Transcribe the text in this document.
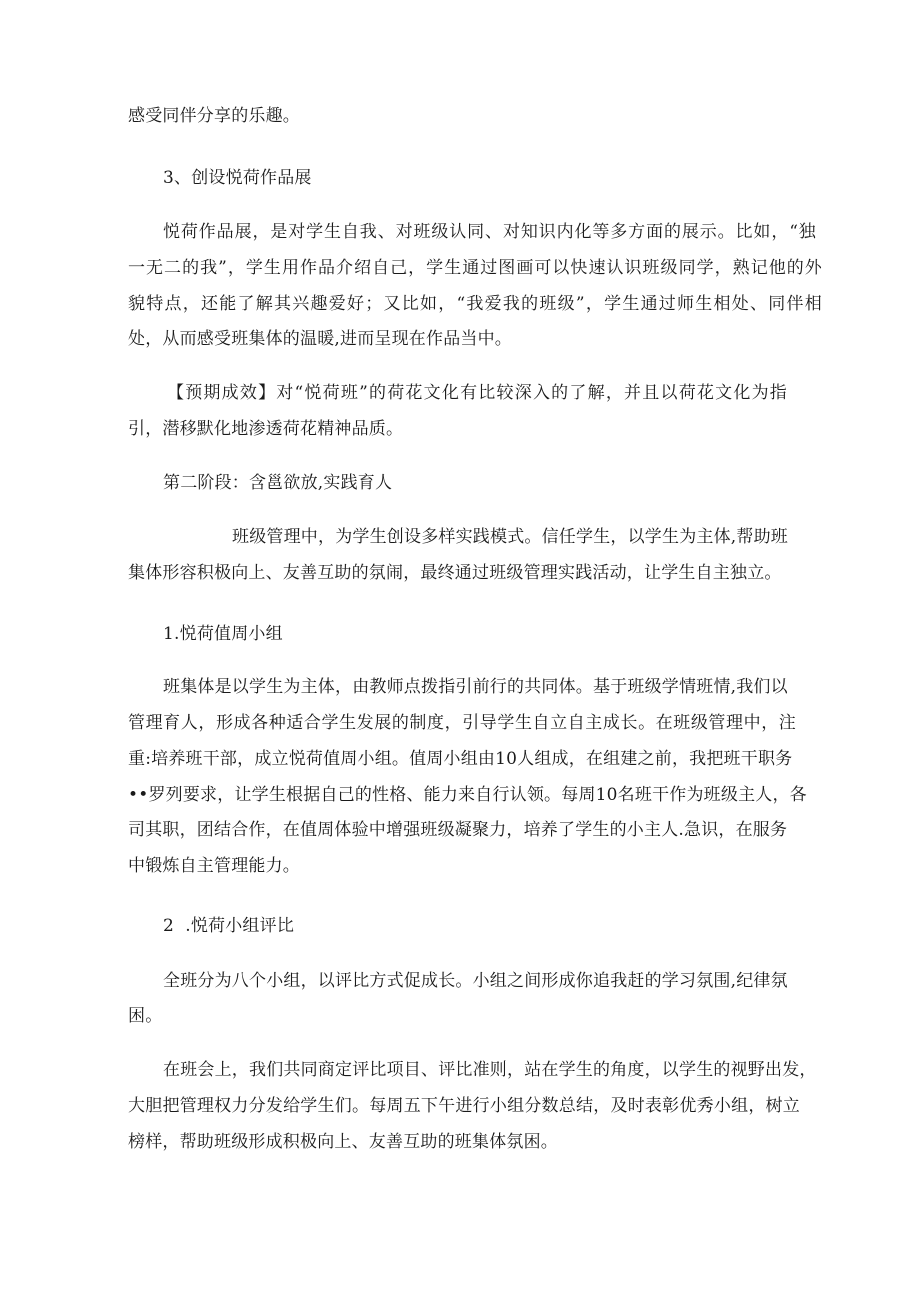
感受同伴分享的乐趣。
3、创设悦荷作品展
悦荷作品展，是对学生自我、对班级认同、对知识内化等多方面的展示。比如，“独
一无二的我”，学生用作品介绍自己，学生通过图画可以快速认识班级同学，熟记他的外
貌特点，还能了解其兴趣爱好；又比如，“我爱我的班级”，学生通过师生相处、同伴相
处，从而感受班集体的温暖,进而呈现在作品当中。
【预期成效】对“悦荷班”的荷花文化有比较深入的了解，并且以荷花文化为指
引，潜移默化地渗透荷花精神品质。
第二阶段：含邕欲放,实践育人
班级管理中，为学生创设多样实践模式。信任学生，以学生为主体,帮助班
集体形容积极向上、友善互助的氛闹，最终通过班级管理实践活动，让学生自主独立。
1.悦荷值周小组
班集体是以学生为主体，由教师点拨指引前行的共同体。基于班级学情班情,我们以
管理育人，形成各种适合学生发展的制度，引导学生自立自主成长。在班级管理中，注
重:培养班干部，成立悦荷值周小组。值周小组由10人组成，在组建之前，我把班干职务
••罗列要求，让学生根据自己的性格、能力来自行认领。每周10名班干作为班级主人，各
司其职，团结合作，在值周体验中增强班级凝聚力，培养了学生的小主人.急识，在服务
中锻炼自主管理能力。
2  .悦荷小组评比
全班分为八个小组，以评比方式促成长。小组之间形成你追我赶的学习氛围,纪律氛
困。
在班会上，我们共同商定评比项目、评比准则，站在学生的角度，以学生的视野出发，
大胆把管理权力分发给学生们。每周五下午进行小组分数总结，及时表彰优秀小组，树立
榜样，帮助班级形成积极向上、友善互助的班集体氛困。
